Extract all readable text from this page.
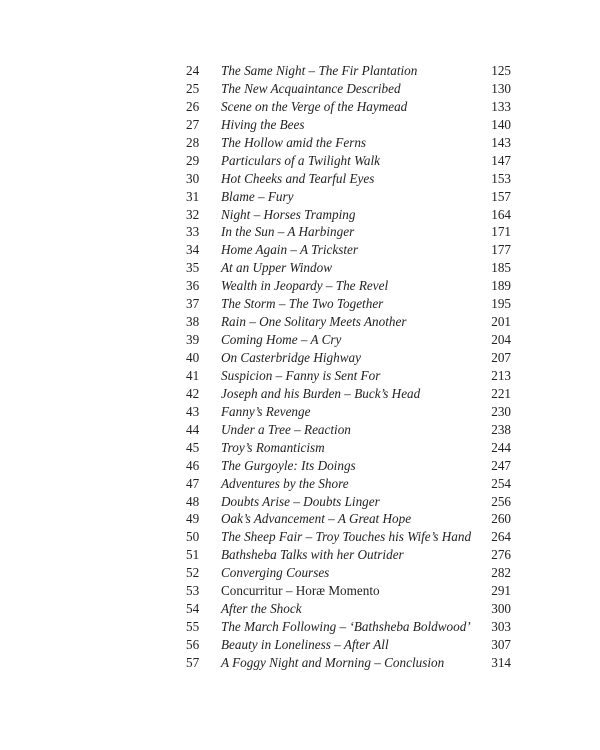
24	The Same Night – The Fir Plantation	125
25	The New Acquaintance Described	130
26	Scene on the Verge of the Haymead	133
27	Hiving the Bees	140
28	The Hollow amid the Ferns	143
29	Particulars of a Twilight Walk	147
30	Hot Cheeks and Tearful Eyes	153
31	Blame – Fury	157
32	Night – Horses Tramping	164
33	In the Sun – A Harbinger	171
34	Home Again – A Trickster	177
35	At an Upper Window	185
36	Wealth in Jeopardy – The Revel	189
37	The Storm – The Two Together	195
38	Rain – One Solitary Meets Another	201
39	Coming Home – A Cry	204
40	On Casterbridge Highway	207
41	Suspicion – Fanny is Sent For	213
42	Joseph and his Burden – Buck’s Head	221
43	Fanny’s Revenge	230
44	Under a Tree – Reaction	238
45	Troy’s Romanticism	244
46	The Gurgoyle: Its Doings	247
47	Adventures by the Shore	254
48	Doubts Arise – Doubts Linger	256
49	Oak’s Advancement – A Great Hope	260
50	The Sheep Fair – Troy Touches his Wife’s Hand	264
51	Bathsheba Talks with her Outrider	276
52	Converging Courses	282
53	Concurritur – Horæ Momento	291
54	After the Shock	300
55	The March Following – ‘Bathsheba Boldwood’	303
56	Beauty in Loneliness – After All	307
57	A Foggy Night and Morning – Conclusion	314
